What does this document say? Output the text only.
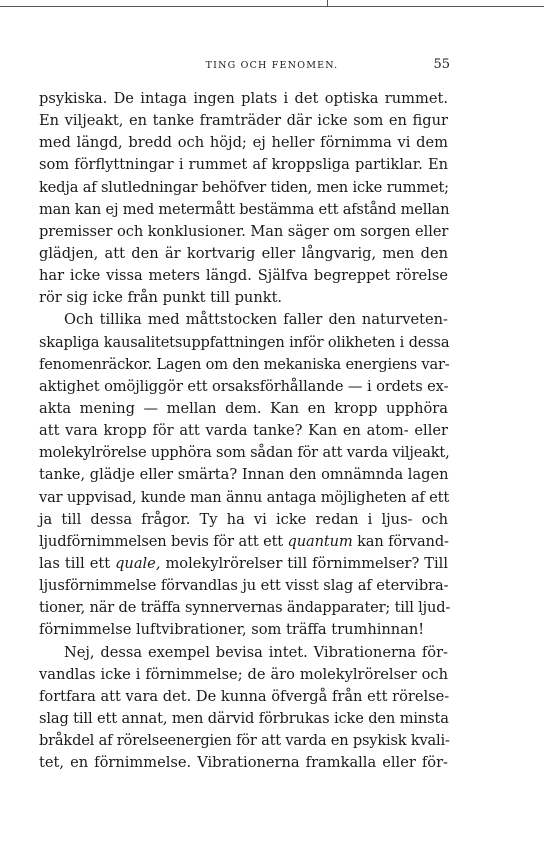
TING OCH FENOMEN.	55
psykiska. De intaga ingen plats i det optiska rummet.
En viljeakt, en tanke framträder där icke som en figur
med längd, bredd och höjd; ej heller förnimma vi dem
som förflyttningar i rummet af kroppsliga partiklar. En
kedja af slutledningar behöfver tiden, men icke rummet;
man kan ej med metermått bestämma ett afstånd mellan
premisser och konklusioner. Man säger om sorgen eller
glädjen, att den är kortvarig eller långvarig, men den
har icke vissa meters längd. Själfva begreppet rörelse
rör sig icke från punkt till punkt.
Och tillika med måttstocken faller den naturveten-
skapliga kausalitetsuppfattningen inför olikheten i dessa
fenomenräckor. Lagen om den mekaniska energiens var-
aktighet omöjliggör ett orsaksförhållande — i ordets ex-
akta mening — mellan dem. Kan en kropp upphöra
att vara kropp för att varda tanke? Kan en atom- eller
molekylrörelse upphöra som sådan för att varda viljeakt,
tanke, glädje eller smärta? Innan den omnämnda lagen
var uppvisad, kunde man ännu antaga möjligheten af ett
ja till dessa frågor. Ty ha vi icke redan i ljus- och
ljudförnimmelsen bevis för att ett quantum kan förvand-
las till ett quale, molekylrörelser till förnimmelser? Till
ljusförnimmelse förvandlas ju ett visst slag af etervibra-
tioner, när de träffa synnervernas ändapparater; till ljud-
förnimmelse luftvibrationer, som träffa trumhinnan!
Nej, dessa exempel bevisa intet. Vibrationerna för-
vandlas icke i förnimmelse; de äro molekylrörelser och
fortfara att vara det. De kunna öfvergå från ett rörelse-
slag till ett annat, men därvid förbrukas icke den minsta
bråkdel af rörelseenergien för att varda en psykisk kvali-
tet, en förnimmelse. Vibrationerna framkalla eller för-
